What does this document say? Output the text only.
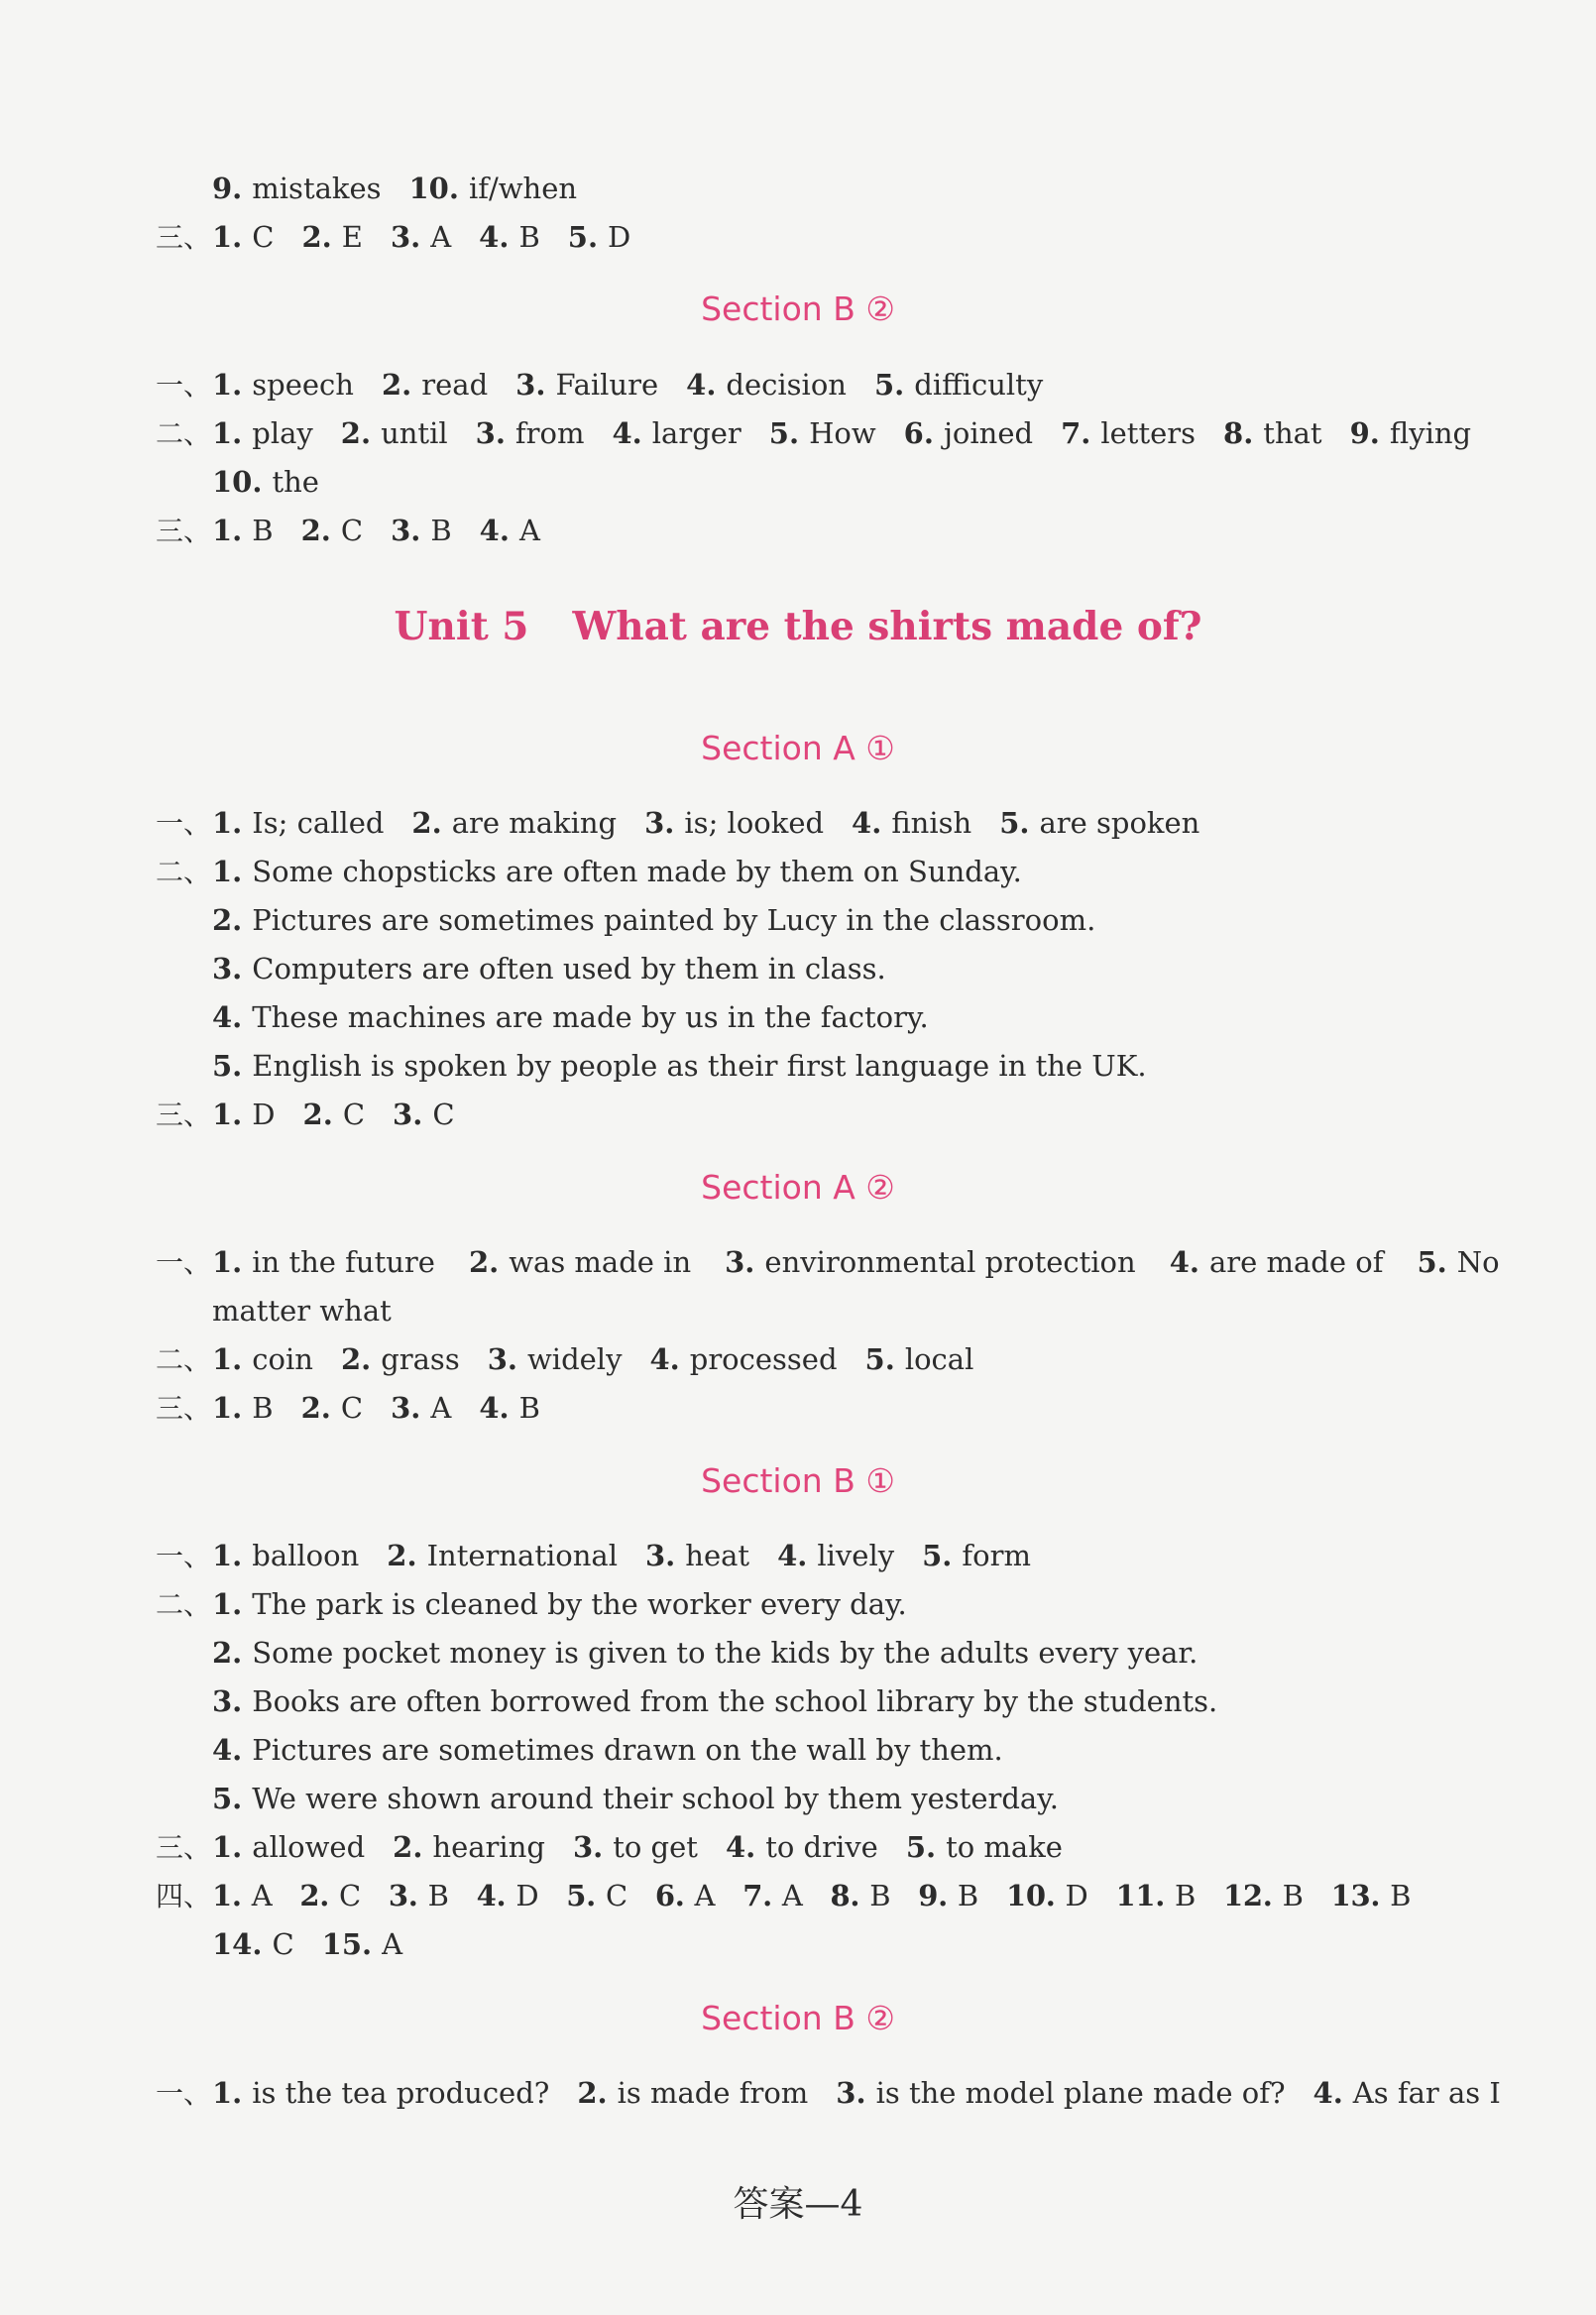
9. mistakes 10. if/when
三、1. C 2. E 3. A 4. B 5. D
Section B ②
一、1. speech 2. read 3. Failure 4. decision 5. difficulty
二、1. play 2. until 3. from 4. larger 5. How 6. joined 7. letters 8. that 9. flying
10. the
三、1. B 2. C 3. B 4. A
Unit 5 What are the shirts made of?
Section A ①
一、1. Is; called 2. are making 3. is; looked 4. finish 5. are spoken
二、1. Some chopsticks are often made by them on Sunday.
2. Pictures are sometimes painted by Lucy in the classroom.
3. Computers are often used by them in class.
4. These machines are made by us in the factory.
5. English is spoken by people as their first language in the UK.
三、1. D 2. C 3. C
Section A ②
一、1. in the future 2. was made in 3. environmental protection 4. are made of 5. No
matter what
二、1. coin 2. grass 3. widely 4. processed 5. local
三、1. B 2. C 3. A 4. B
Section B ①
一、1. balloon 2. International 3. heat 4. lively 5. form
二、1. The park is cleaned by the worker every day.
2. Some pocket money is given to the kids by the adults every year.
3. Books are often borrowed from the school library by the students.
4. Pictures are sometimes drawn on the wall by them.
5. We were shown around their school by them yesterday.
三、1. allowed 2. hearing 3. to get 4. to drive 5. to make
四、1. A 2. C 3. B 4. D 5. C 6. A 7. A 8. B 9. B 10. D 11. B 12. B 13. B
14. C 15. A
Section B ②
一、1. is the tea produced? 2. is made from 3. is the model plane made of? 4. As far as I
答案—4
